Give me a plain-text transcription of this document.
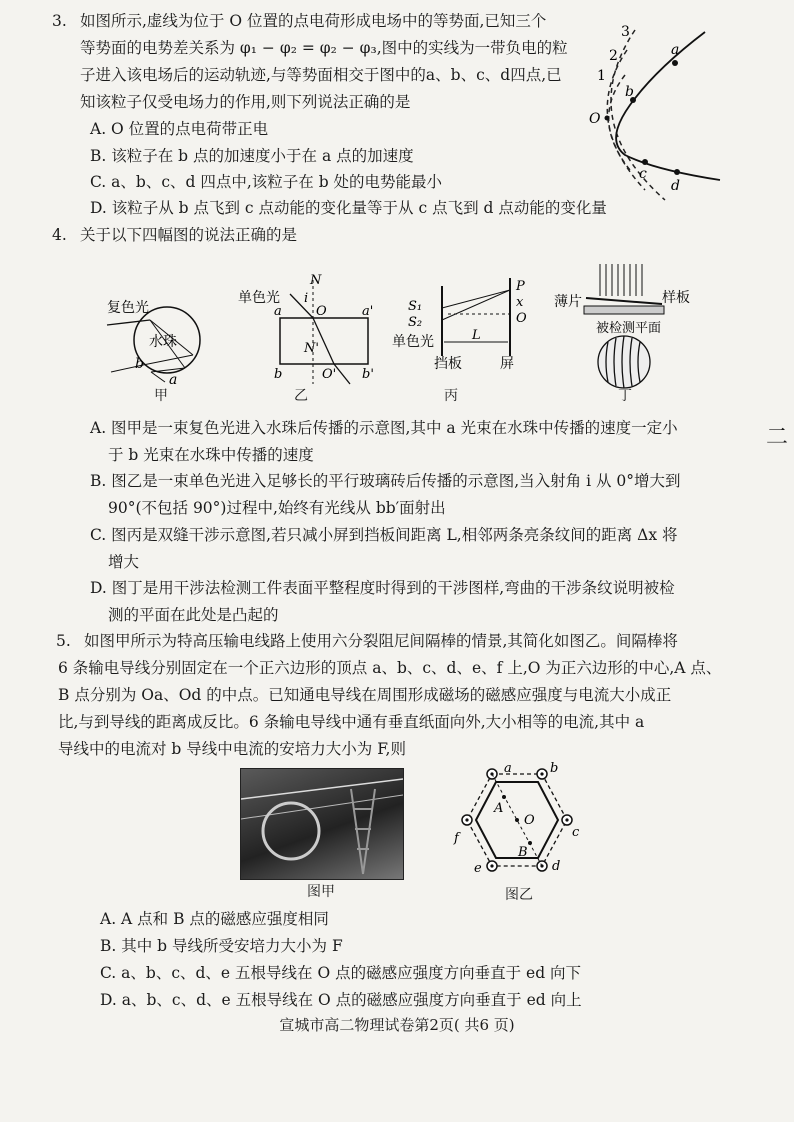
3. 如图所示,虚线为位于 O 位置的点电荷形成电场中的等势面,已知三个
等势面的电势差关系为 φ₁ − φ₂ = φ₂ − φ₃,图中的实线为一带负电的粒
子进入该电场后的运动轨迹,与等势面相交于图中的a、b、c、d四点,已
知该粒子仅受电场力的作用,则下列说法正确的是
A. O 位置的点电荷带正电
B. 该粒子在 b 点的加速度小于在 a 点的加速度
C. a、b、c、d 四点中,该粒子在 b 处的电势能最小
D. 该粒子从 b 点飞到 c 点动能的变化量等于从 c 点飞到 d 点动能的变化量
3
2
1
a
b
c
d
O
4. 关于以下四幅图的说法正确的是
复色光
水珠
b
a
甲
单色光
N
i
a	O	a'
N'
b	O' b'
乙
S₁
S₂
单色光
P
x
O
L
挡板	屏
丙
薄片	样板
被检测平面
丁
A. 图甲是一束复色光进入水珠后传播的示意图,其中 a 光束在水珠中传播的速度一定小
于 b 光束在水珠中传播的速度
B. 图乙是一束单色光进入足够长的平行玻璃砖后传播的示意图,当入射角 i 从 0°增大到
90°(不包括 90°)过程中,始终有光线从 bb′面射出
C. 图丙是双缝干涉示意图,若只减小屏到挡板间距离 L,相邻两条亮条纹间的距离 Δx 将
增大
D. 图丁是用干涉法检测工件表面平整程度时得到的干涉图样,弯曲的干涉条纹说明被检
测的平面在此处是凸起的
5. 如图甲所示为特高压输电线路上使用六分裂阻尼间隔棒的情景,其简化如图乙。间隔棒将
6 条输电导线分别固定在一个正六边形的顶点 a、b、c、d、e、f 上,O 为正六边形的中心,A 点、
B 点分别为 Oa、Od 的中点。已知通电导线在周围形成磁场的磁感应强度与电流大小成正
比,与到导线的距离成反比。6 条输电导线中通有垂直纸面向外,大小相等的电流,其中 a
导线中的电流对 b 导线中电流的安培力大小为 F,则
图甲
a	b
c
d
e
f
A
B
O
图乙
A. A 点和 B 点的磁感应强度相同
B. 其中 b 导线所受安培力大小为 F
C. a、b、c、d、e 五根导线在 O 点的磁感应强度方向垂直于 ed 向下
D. a、b、c、d、e 五根导线在 O 点的磁感应强度方向垂直于 ed 向上
宣城市高二物理试卷第2页( 共6 页)
二
